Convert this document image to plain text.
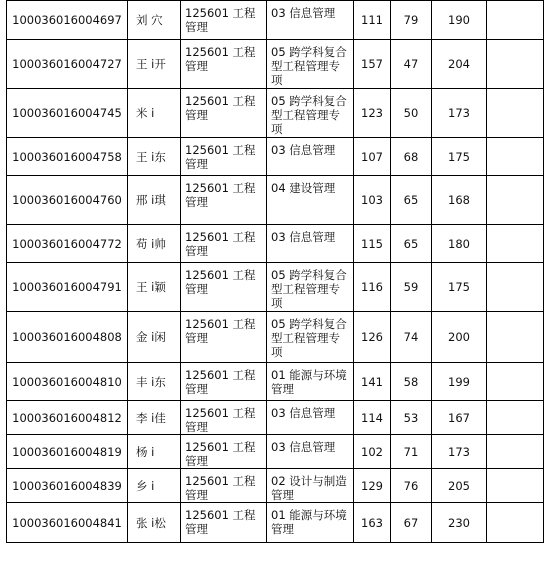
100036016004697	刘 穴	125601 工程管理	03 信息管理	111	79	190	
100036016004727	王 ⅰ开	125601 工程管理	05 跨学科复合型工程管理专项	157	47	204	
100036016004745	米 ⅰ	125601 工程管理	05 跨学科复合型工程管理专项	123	50	173	
100036016004758	王 ⅰ东	125601 工程管理	03 信息管理	107	68	175	
100036016004760	邢 ⅰ琪	125601 工程管理	04 建设管理	103	65	168	
100036016004772	苟 ⅰ帅	125601 工程管理	03 信息管理	115	65	180	
100036016004791	王 ⅰ颖	125601 工程管理	05 跨学科复合型工程管理专项	116	59	175	
100036016004808	金 ⅰ闲	125601 工程管理	05 跨学科复合型工程管理专项	126	74	200	
100036016004810	丰 ⅰ东	125601 工程管理	01 能源与环境管理	141	58	199	
100036016004812	李 ⅰ佳	125601 工程管理	03 信息管理	114	53	167	
100036016004819	杨 ⅰ	125601 工程管理	03 信息管理	102	71	173	
100036016004839	乡 ⅰ	125601 工程管理	02 设计与制造管理	129	76	205	
100036016004841	张 ⅰ松	125601 工程管理	01 能源与环境管理	163	67	230	
